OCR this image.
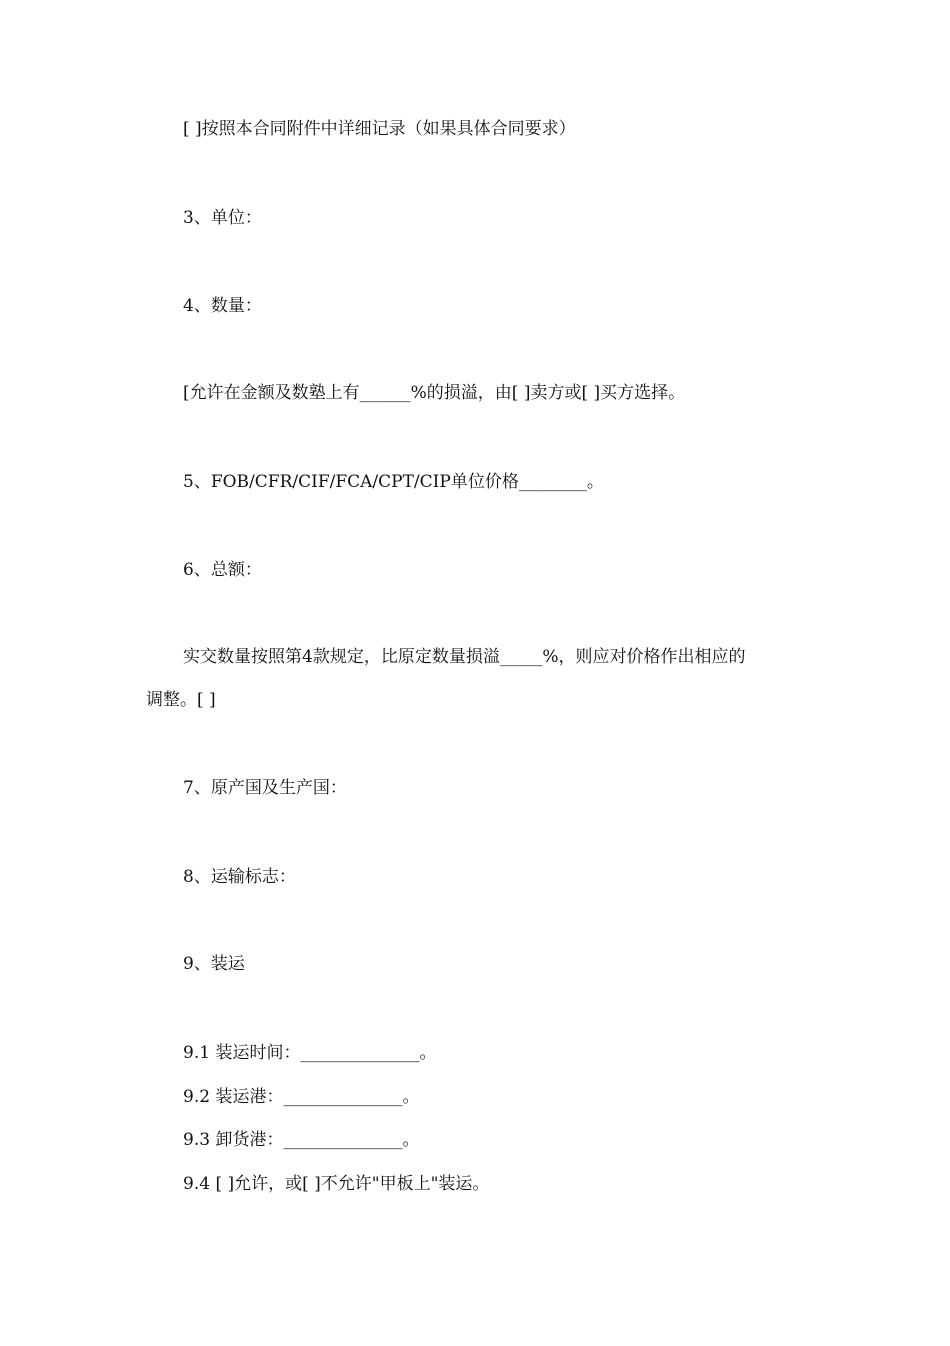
[ ]按照本合同附件中详细记录（如果具体合同要求）
3、单位：
4、数量：
[允许在金额及数塾上有______%的损溢，由[ ]卖方或[ ]买方选择。
5、FOB/CFR/CIF/FCA/CPT/CIP单位价格________。
6、总额：
实交数量按照第4款规定，比原定数量损溢_____%，则应对价格作出相应的
调整。[ ]
7、原产国及生产国：
8、运输标志：
9、装运
9.1 装运时间：______________。
9.2 装运港：______________。
9.3 卸货港：______________。
9.4 [ ]允许，或[ ]不允许"甲板上"装运。
